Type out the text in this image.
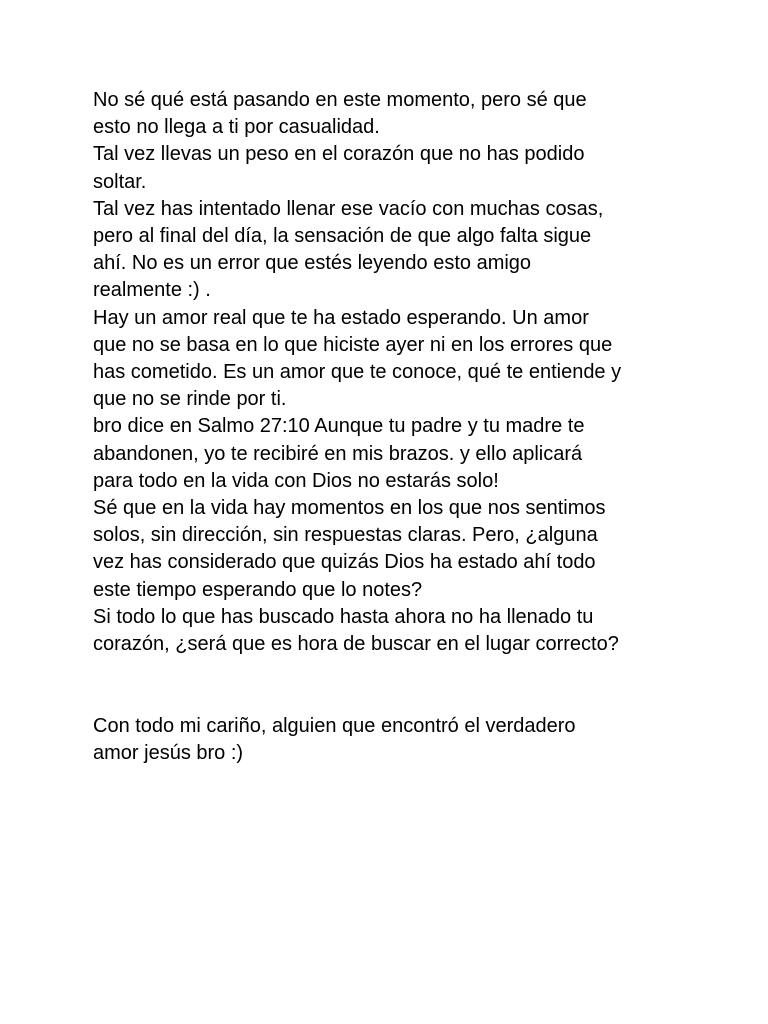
No sé qué está pasando en este momento, pero sé que
esto no llega a ti por casualidad.

Tal vez llevas un peso en el corazón que no has podido
soltar.

Tal vez has intentado llenar ese vacío con muchas cosas,
pero al final del día, la sensación de que algo falta sigue
ahí. No es un error que estés leyendo esto amigo
realmente :) .

Hay un amor real que te ha estado esperando. Un amor
que no se basa en lo que hiciste ayer ni en los errores que
has cometido. Es un amor que te conoce, qué te entiende y
que no se rinde por ti.

bro dice en Salmo 27:10 Aunque tu padre y tu madre te
abandonen, yo te recibiré en mis brazos. y ello aplicará
para todo en la vida con Dios no estarás solo!

Sé que en la vida hay momentos en los que nos sentimos
solos, sin dirección, sin respuestas claras. Pero, ¿alguna
vez has considerado que quizás Dios ha estado ahí todo
este tiempo esperando que lo notes?

Si todo lo que has buscado hasta ahora no ha llenado tu
corazón, ¿será que es hora de buscar en el lugar correcto?

Con todo mi cariño, alguien que encontró el verdadero
amor jesús bro :)
